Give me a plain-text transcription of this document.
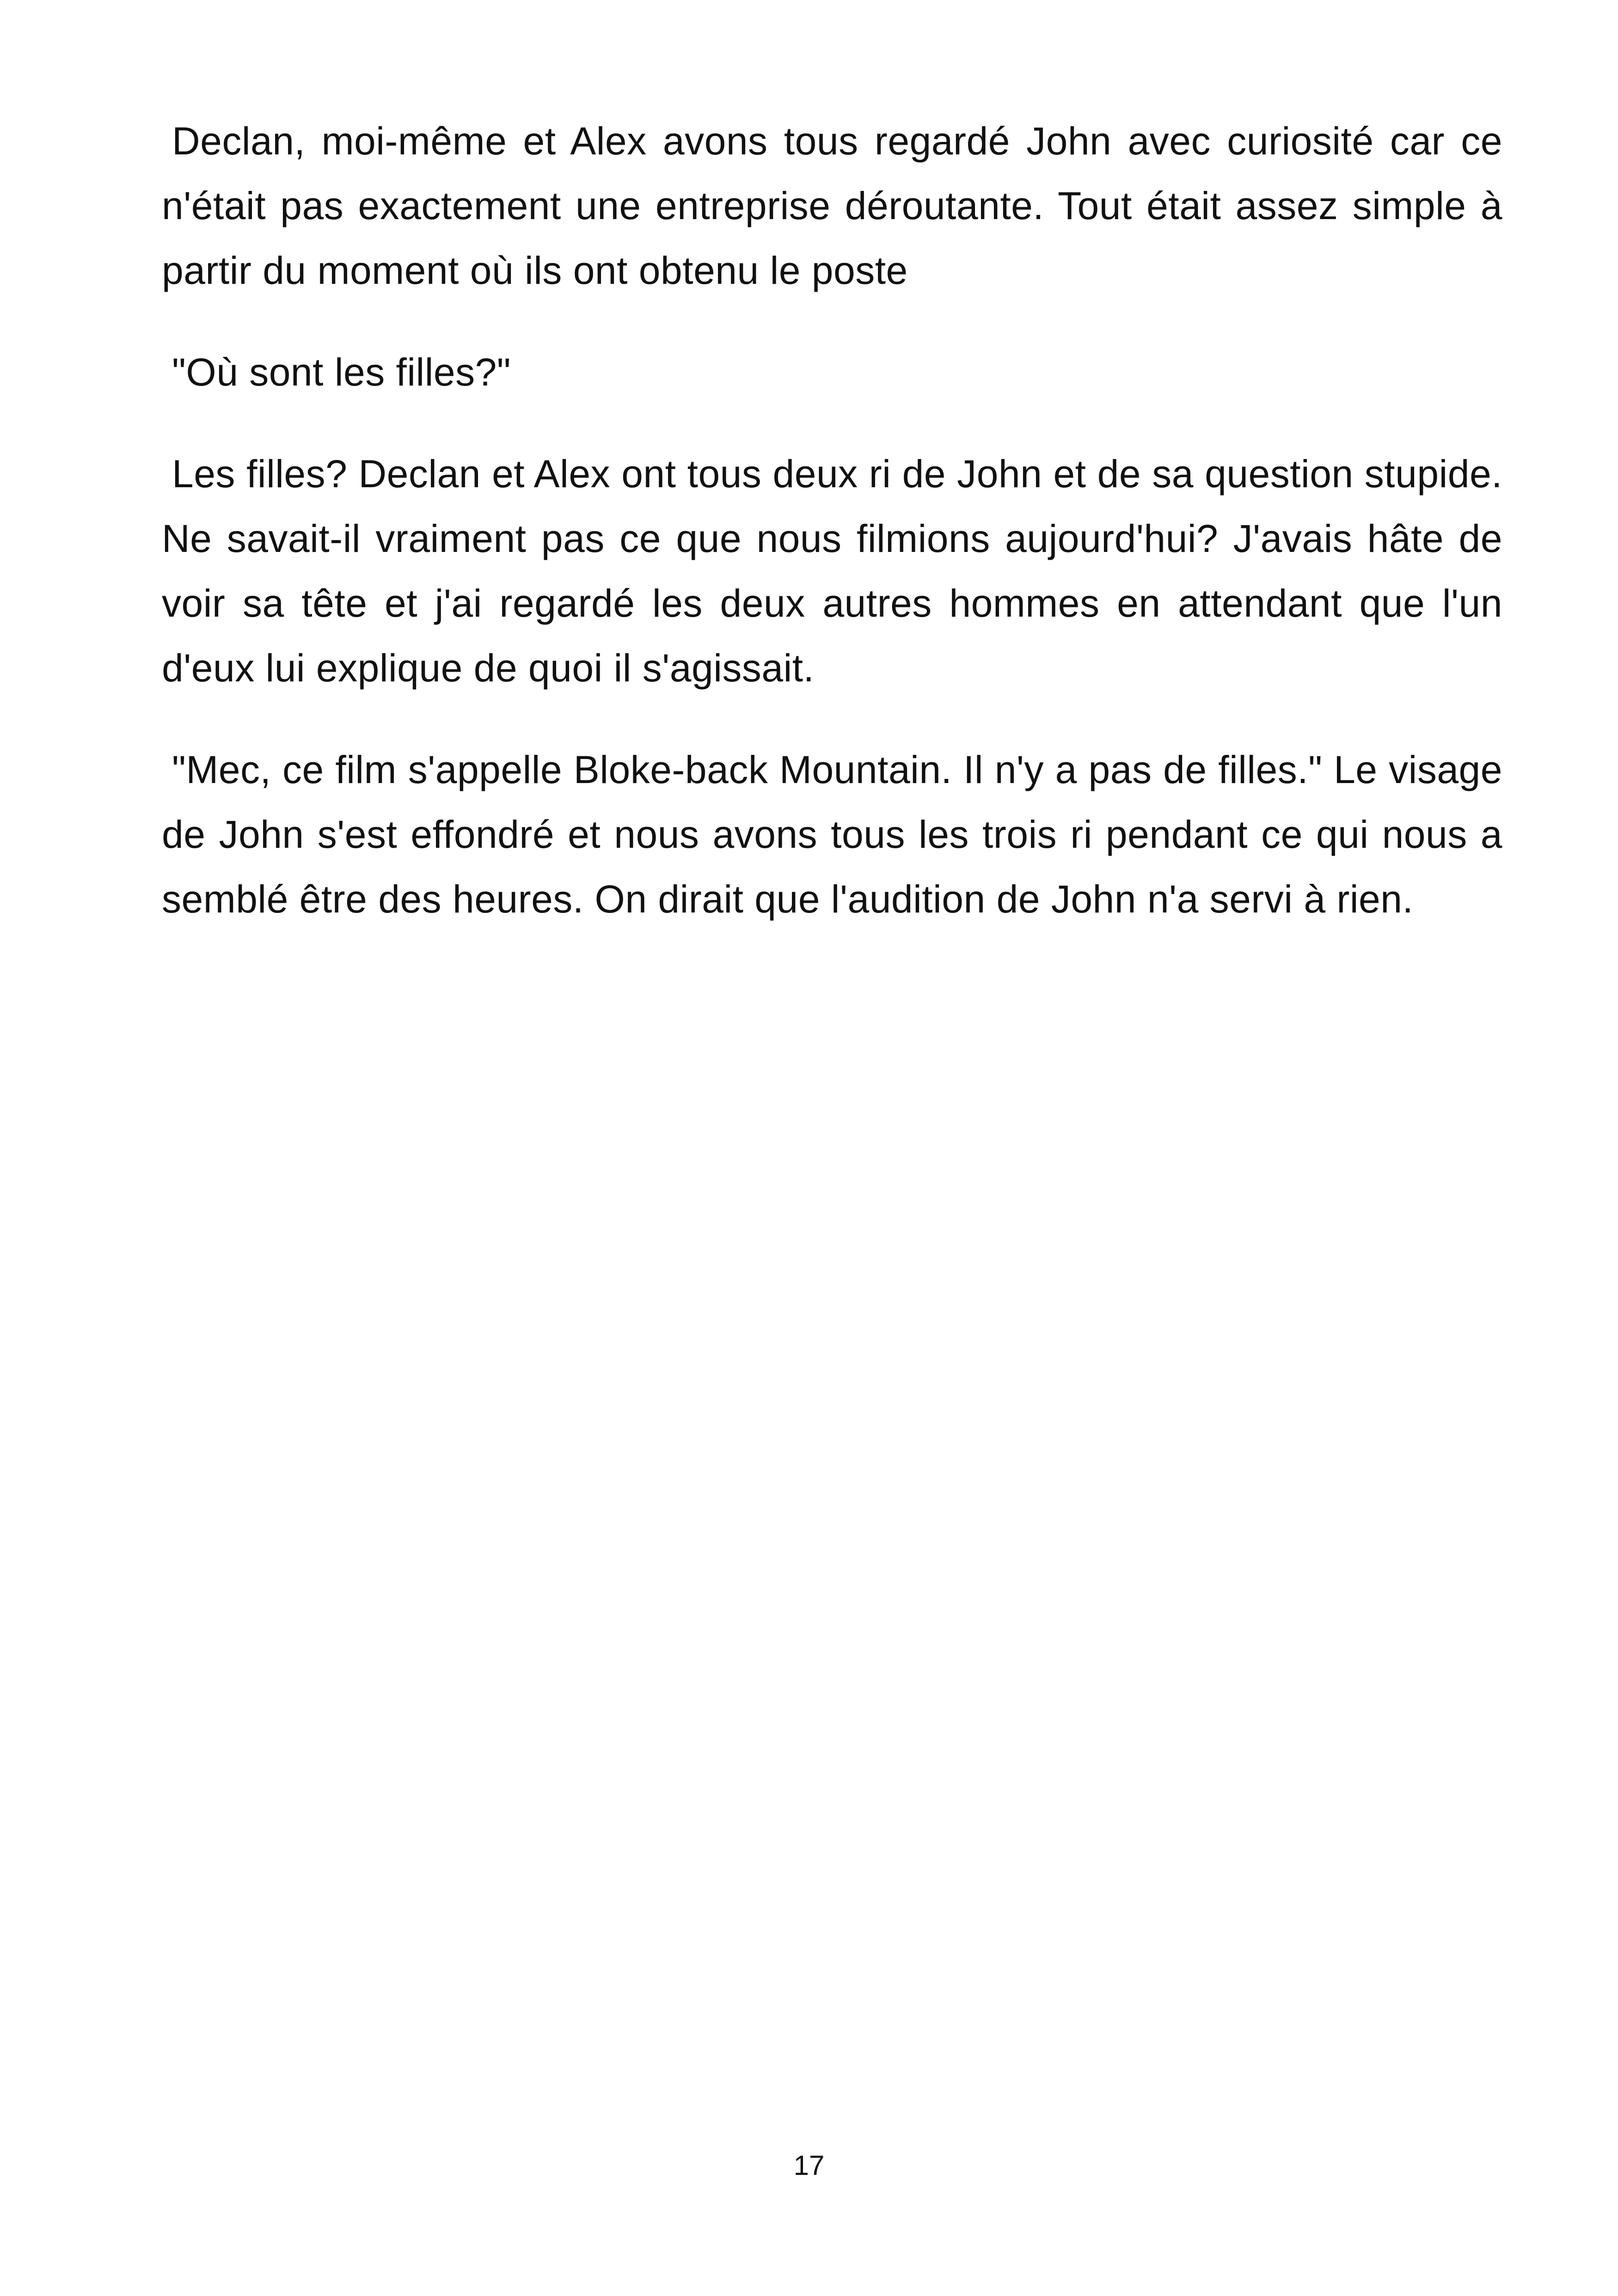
Declan, moi-même et Alex avons tous regardé John avec curiosité car ce n'était pas exactement une entreprise déroutante. Tout était assez simple à partir du moment où ils ont obtenu le poste

"Où sont les filles?"

Les filles? Declan et Alex ont tous deux ri de John et de sa question stupide. Ne savait-il vraiment pas ce que nous filmions aujourd'hui? J'avais hâte de voir sa tête et j'ai regardé les deux autres hommes en attendant que l'un d'eux lui explique de quoi il s'agissait.

"Mec, ce film s'appelle Bloke-back Mountain. Il n'y a pas de filles." Le visage de John s'est effondré et nous avons tous les trois ri pendant ce qui nous a semblé être des heures. On dirait que l'audition de John n'a servi à rien.

17
